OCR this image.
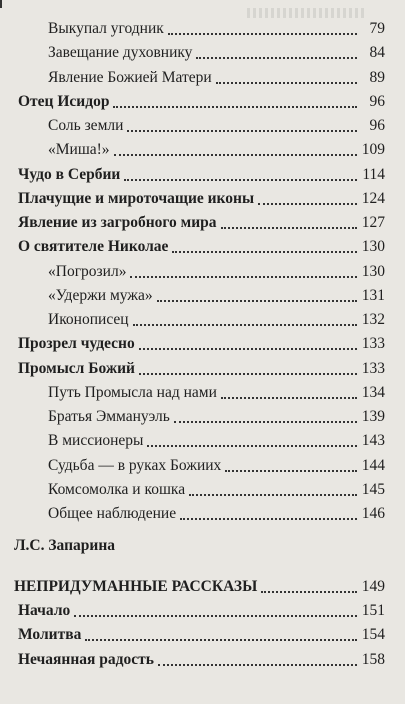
Выкупал угодник	79
Завещание духовнику	84
Явление Божией Матери	89
Отец Исидор	96
Соль земли	96
«Миша!»	109
Чудо в Сербии	114
Плачущие и мироточащие иконы	124
Явление из загробного мира	127
О святителе Николае	130
«Погрозил»	130
«Удержи мужа»	131
Иконописец	132
Прозрел чудесно	133
Промысл Божий	133
Путь Промысла над нами	134
Братья Эммануэль	139
В миссионеры	143
Судьба — в руках Божиих	144
Комсомолка и кошка	145
Общее наблюдение	146
Л.С. Запарина
НЕПРИДУМАННЫЕ РАССКАЗЫ	149
Начало	151
Молитва	154
Нечаянная радость	158
